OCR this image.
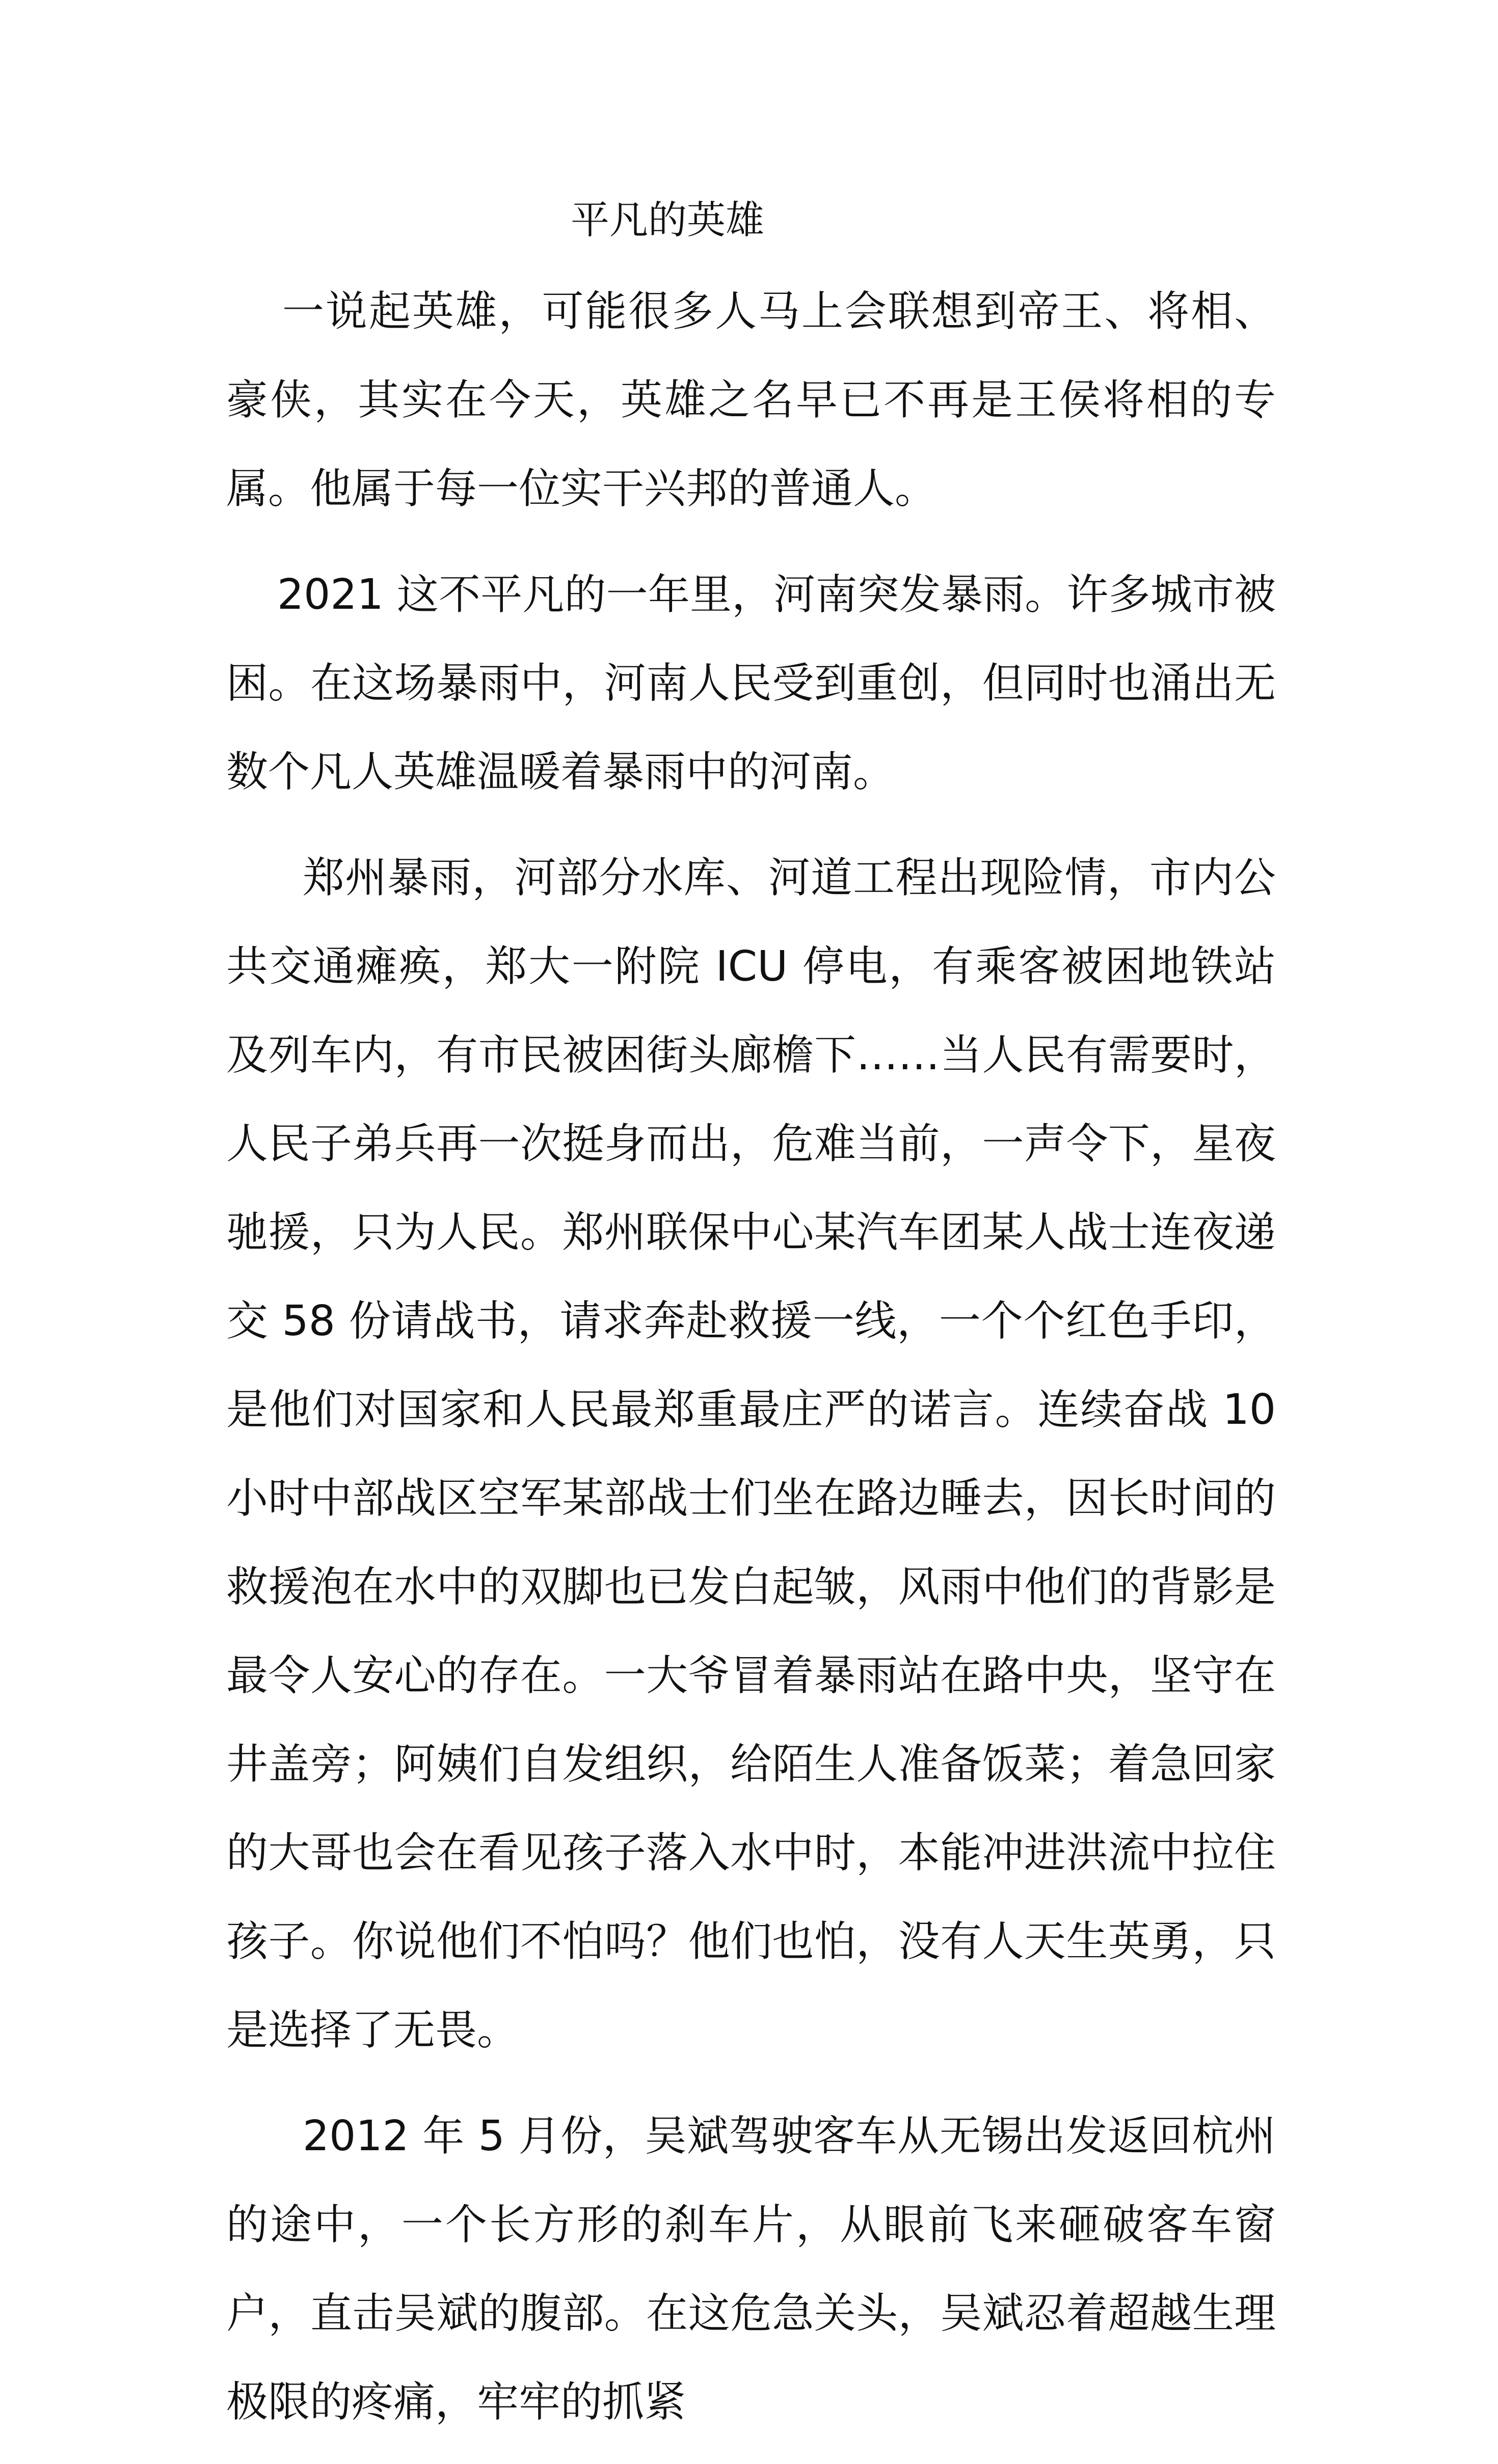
平凡的英雄

一说起英雄，可能很多人马上会联想到帝王、将相、豪侠，其实在今天，英雄之名早已不再是王侯将相的专属。他属于每一位实干兴邦的普通人。

2021 这不平凡的一年里，河南突发暴雨。许多城市被困。在这场暴雨中，河南人民受到重创，但同时也涌出无数个凡人英雄温暖着暴雨中的河南。

郑州暴雨，河部分水库、河道工程出现险情，市内公共交通瘫痪，郑大一附院 ICU 停电，有乘客被困地铁站及列车内，有市民被困街头廊檐下……当人民有需要时，人民子弟兵再一次挺身而出，危难当前，一声令下，星夜驰援，只为人民。郑州联保中心某汽车团某人战士连夜递交 58 份请战书，请求奔赴救援一线，一个个红色手印，是他们对国家和人民最郑重最庄严的诺言。连续奋战 10 小时中部战区空军某部战士们坐在路边睡去，因长时间的救援泡在水中的双脚也已发白起皱，风雨中他们的背影是最令人安心的存在。一大爷冒着暴雨站在路中央，坚守在井盖旁；阿姨们自发组织，给陌生人准备饭菜；着急回家的大哥也会在看见孩子落入水中时，本能冲进洪流中拉住孩子。你说他们不怕吗？他们也怕，没有人天生英勇，只是选择了无畏。

2012 年 5 月份，吴斌驾驶客车从无锡出发返回杭州的途中，一个长方形的刹车片，从眼前飞来砸破客车窗户，直击吴斌的腹部。在这危急关头，吴斌忍着超越生理极限的疼痛，牢牢的抓紧
